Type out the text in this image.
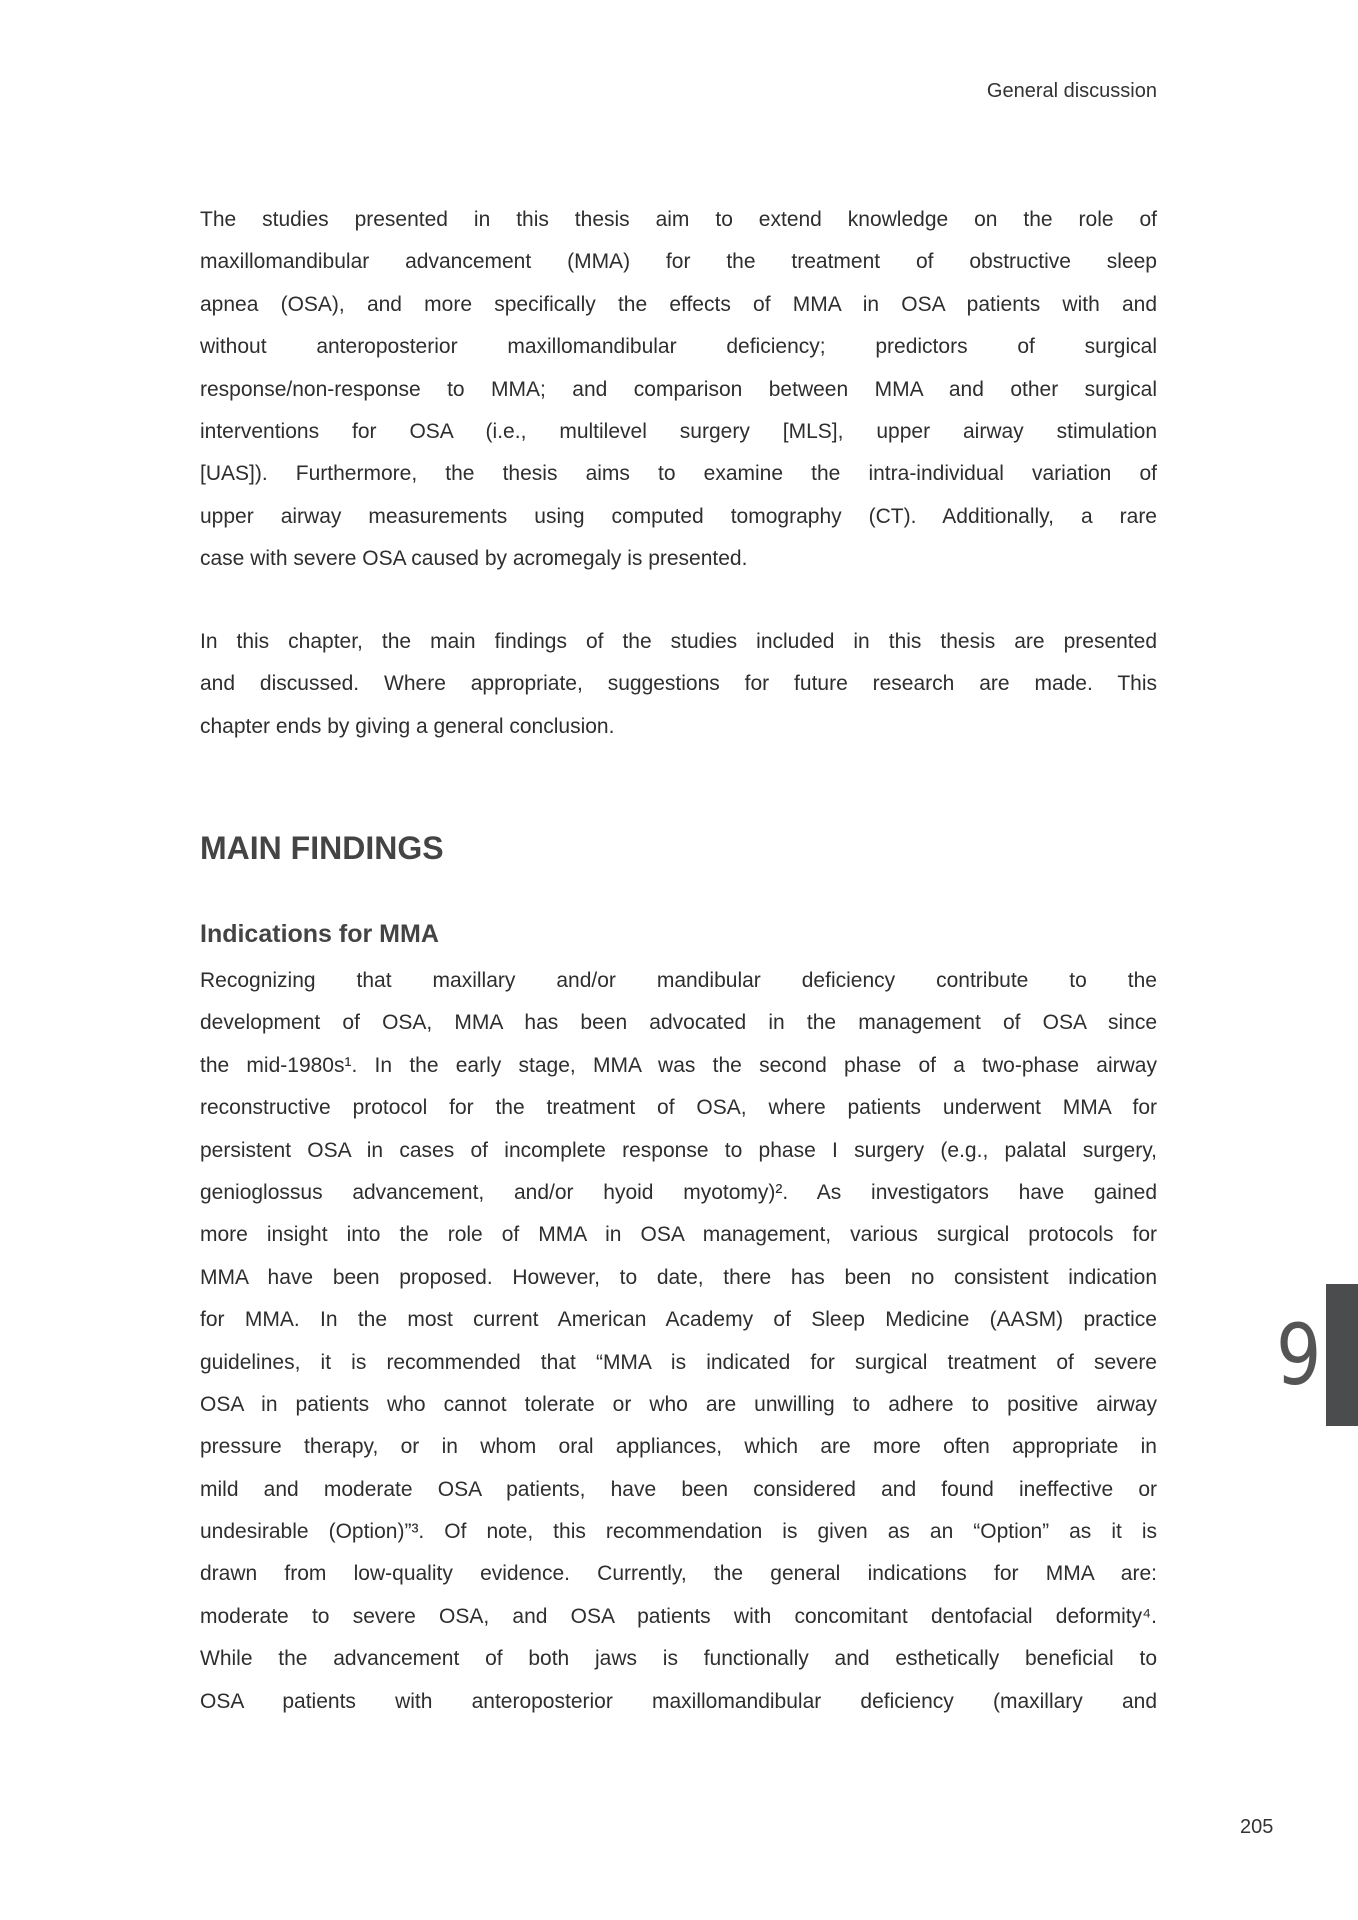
General discussion
The studies presented in this thesis aim to extend knowledge on the role of
maxillomandibular advancement (MMA) for the treatment of obstructive sleep
apnea (OSA), and more specifically the effects of MMA in OSA patients with and
without anteroposterior maxillomandibular deficiency; predictors of surgical
response/non-response to MMA; and comparison between MMA and other surgical
interventions for OSA (i.e., multilevel surgery [MLS], upper airway stimulation
[UAS]). Furthermore, the thesis aims to examine the intra-individual variation of
upper airway measurements using computed tomography (CT). Additionally, a rare
case with severe OSA caused by acromegaly is presented.
In this chapter, the main findings of the studies included in this thesis are presented
and discussed. Where appropriate, suggestions for future research are made. This
chapter ends by giving a general conclusion.
MAIN FINDINGS
Indications for MMA
Recognizing that maxillary and/or mandibular deficiency contribute to the
development of OSA, MMA has been advocated in the management of OSA since
the mid-1980s¹. In the early stage, MMA was the second phase of a two-phase airway
reconstructive protocol for the treatment of OSA, where patients underwent MMA for
persistent OSA in cases of incomplete response to phase I surgery (e.g., palatal surgery,
genioglossus advancement, and/or hyoid myotomy)². As investigators have gained
more insight into the role of MMA in OSA management, various surgical protocols for
MMA have been proposed. However, to date, there has been no consistent indication
for MMA. In the most current American Academy of Sleep Medicine (AASM) practice
guidelines, it is recommended that “MMA is indicated for surgical treatment of severe
OSA in patients who cannot tolerate or who are unwilling to adhere to positive airway
pressure therapy, or in whom oral appliances, which are more often appropriate in
mild and moderate OSA patients, have been considered and found ineffective or
undesirable (Option)”³. Of note, this recommendation is given as an “Option” as it is
drawn from low-quality evidence. Currently, the general indications for MMA are:
moderate to severe OSA, and OSA patients with concomitant dentofacial deformity⁴.
While the advancement of both jaws is functionally and esthetically beneficial to
OSA patients with anteroposterior maxillomandibular deficiency (maxillary and
9
205
